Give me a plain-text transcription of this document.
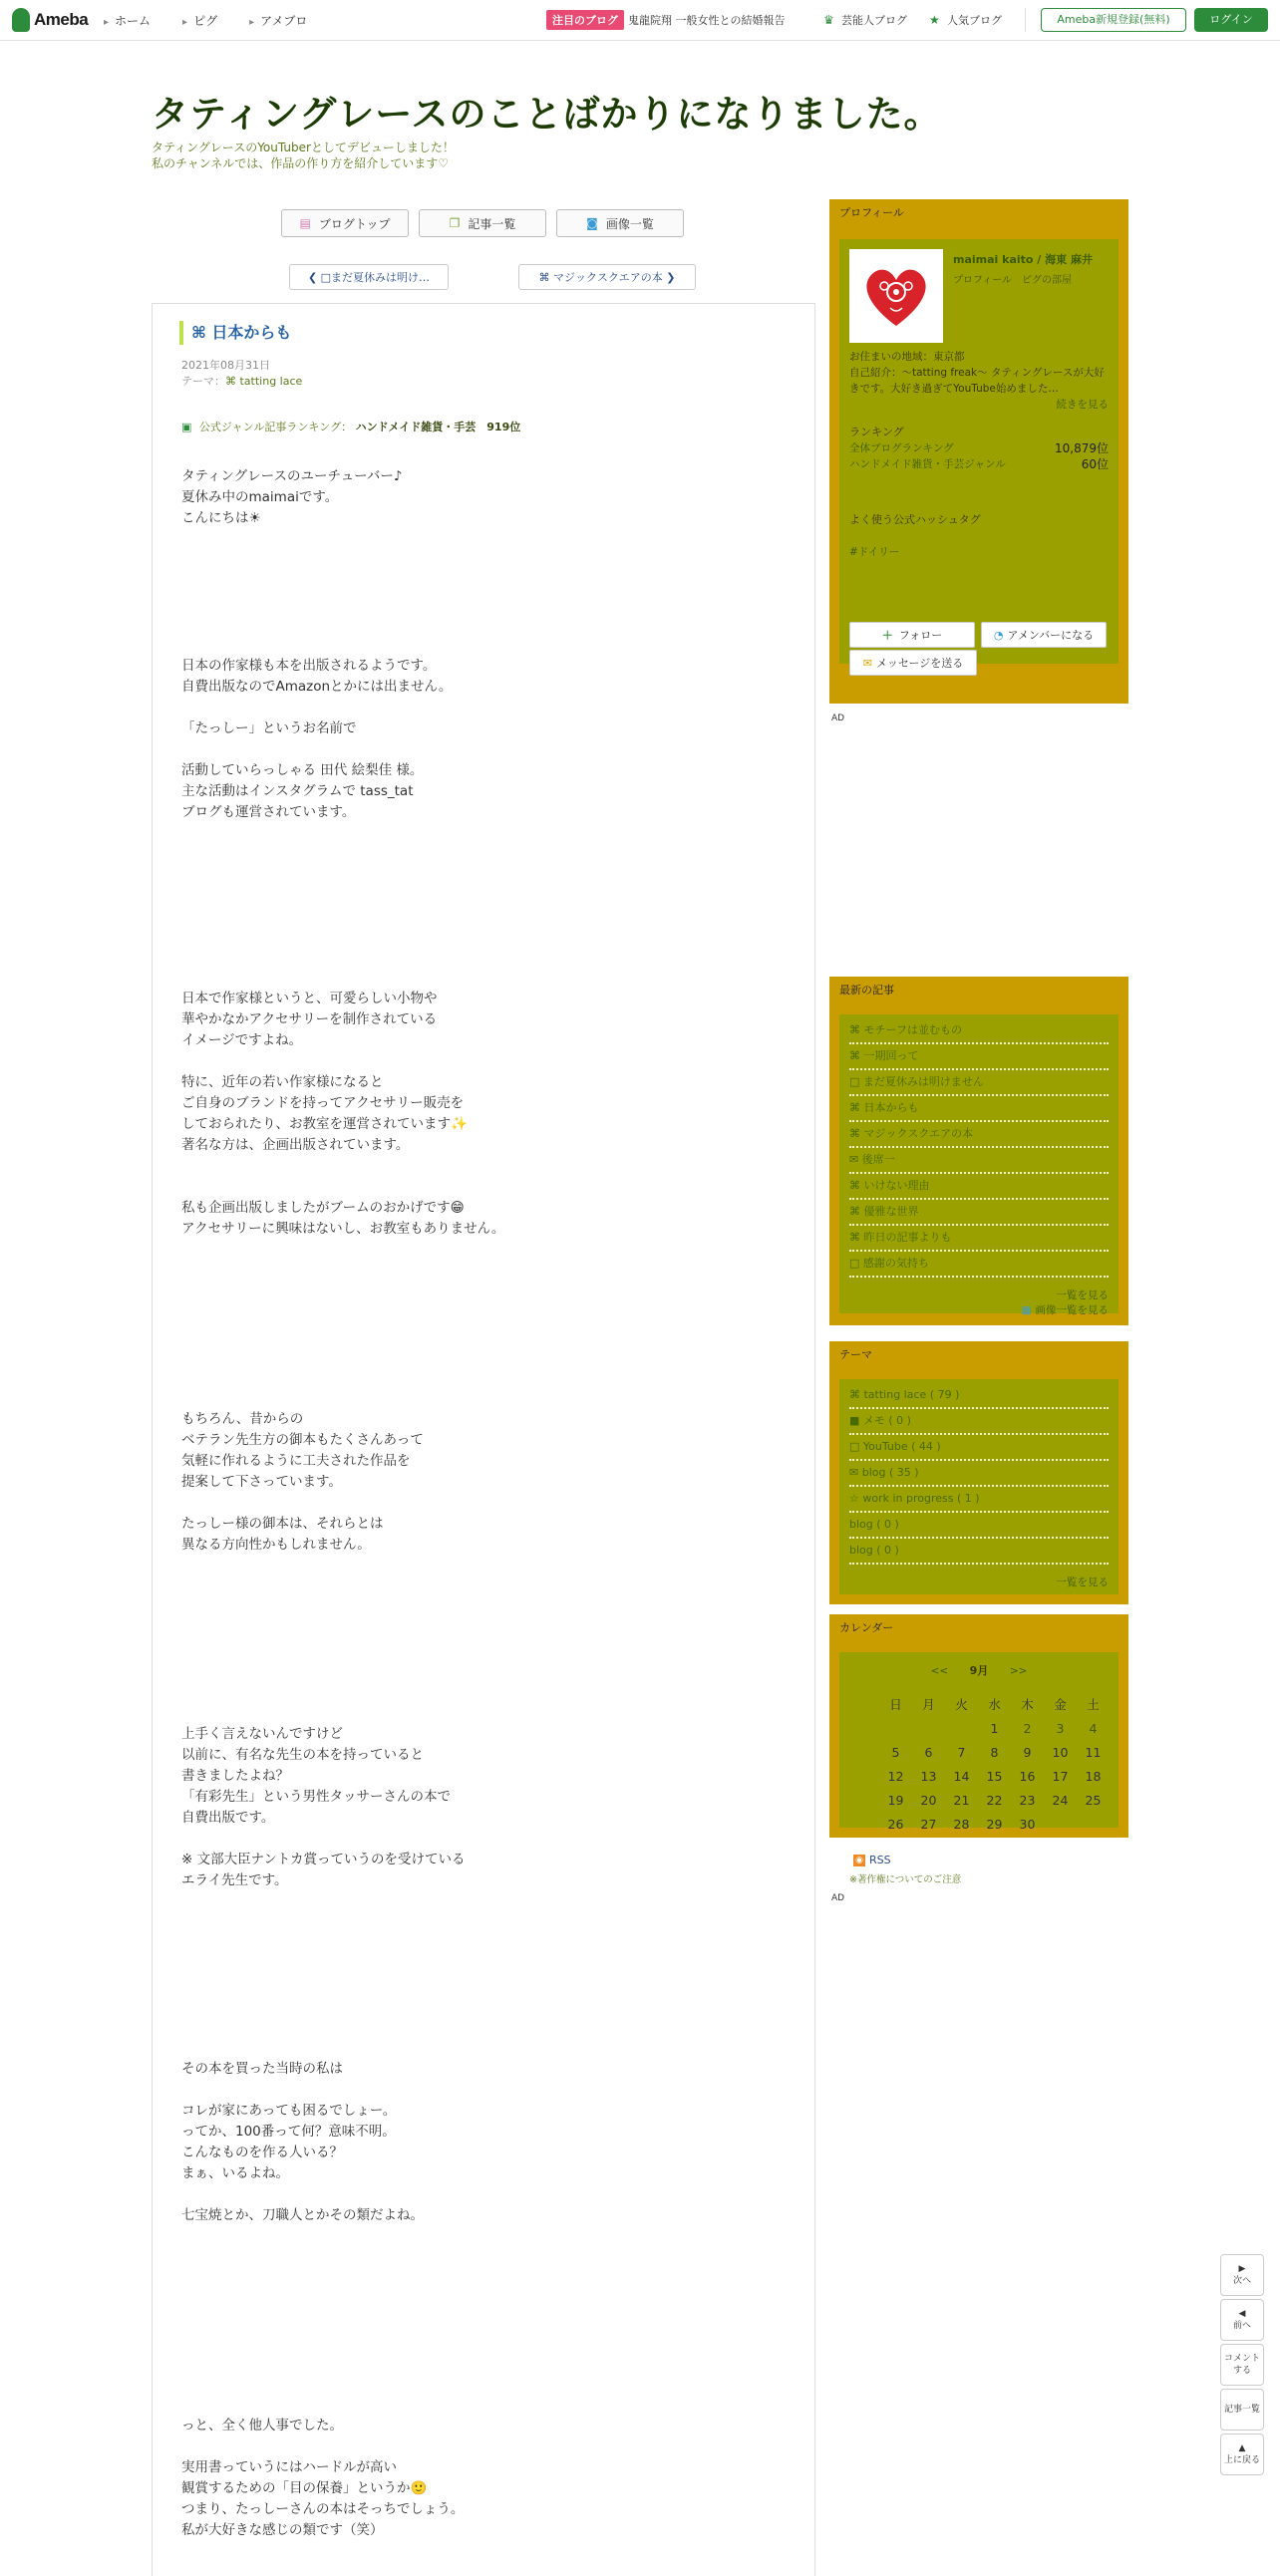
Ameba	▸ ホーム	▸ ピグ	▸ アメブロ	注目のブログ 鬼龍院翔 一般女性との結婚報告	♛ 芸能人ブログ ★ 人気ブログ	Ameba新規登録(無料)	ログイン
タティングレースのことばかりになりました。
タティングレースのYouTuberとしてデビューしました！
私のチャンネルでは、作品の作り方を紹介しています♡
▤ ブログトップ	❐ 記事一覧	◙ 画像一覧
❮ □まだ夏休みは明け…	⌘ マジックスクエアの本 ❯
⌘ 日本からも
2021年08月31日
テーマ：⌘ tatting lace
▣ 公式ジャンル記事ランキング： ハンドメイド雑貨・手芸　919位
タティングレースのユーチューバー♪
夏休み中のmaimaiです。
こんにちは☀
日本の作家様も本を出版されるようです。
自費出版なのでAmazonとかには出ません。

「たっしー」というお名前で

活動していらっしゃる 田代 絵梨佳 様。
主な活動はインスタグラムで tass_tat
ブログも運営されています。
日本で作家様というと、可愛らしい小物や
華やかなかアクセサリーを制作されている
イメージですよね。

特に、近年の若い作家様になると
ご自身のブランドを持ってアクセサリー販売を
しておられたり、お教室を運営されています✨
著名な方は、企画出版されています。

私も企画出版しましたがブームのおかげです😁
アクセサリーに興味はないし、お教室もありません。
もちろん、昔からの
ベテラン先生方の御本もたくさんあって
気軽に作れるように工夫された作品を
提案して下さっています。

たっしー様の御本は、それらとは
異なる方向性かもしれません。
上手く言えないんですけど
以前に、有名な先生の本を持っていると
書きましたよね？
「有彩先生」という男性タッサーさんの本で
自費出版です。

※ 文部大臣ナントカ賞っていうのを受けている
エライ先生です。
その本を買った当時の私は

コレが家にあっても困るでしょー。
ってか、100番って何？意味不明。
こんなものを作る人いる？
まぁ、いるよね。

七宝焼とか、刀職人とかその類だよね。
っと、全く他人事でした。

実用書っていうにはハードルが高い
観賞するための「目の保養」というか🙂
つまり、たっしーさんの本はそっちでしょう。
私が大好きな感じの類です（笑）
プロフィール
maimai kaito / 海東 麻井
プロフィール　ピグの部屋
お住まいの地域：東京都
自己紹介：〜tatting freak〜 タティングレースが大好きです。大好き過ぎてYouTube始めました…
続きを見る
ランキング
全体ブログランキング	10,879位
ハンドメイド雑貨・手芸ジャンル	60位
よく使う公式ハッシュタグ
#ドイリー
＋ フォロー	◔ アメンバーになる
✉ メッセージを送る
AD
最新の記事
⌘ モチーフは並むもの
⌘ 一期回って
□ まだ夏休みは明けません
⌘ 日本からも
⌘ マジックスクエアの本
✉ 後席一
⌘ いけない理由
⌘ 優雅な世界
⌘ 昨日の記事よりも
□ 感謝の気持ち
一覧を見る
▦ 画像一覧を見る
テーマ
⌘ tatting lace ( 79 )
■ メモ ( 0 )
□ YouTube ( 44 )
✉ blog ( 35 )
☆ work in progress ( 1 )
blog ( 0 )
blog ( 0 )
一覧を見る
カレンダー
<< 9月 >>
日	月	火	水	木	金	土
			1	2	3	4
5	6	7	8	9	10	11
12	13	14	15	16	17	18
19	20	21	22	23	24	25
26	27	28	29	30		
◉ RSS
※著作権についてのご注意
AD
▶
次へ
◀
前へ
コメント
する
記事一覧
▲
上に戻る
